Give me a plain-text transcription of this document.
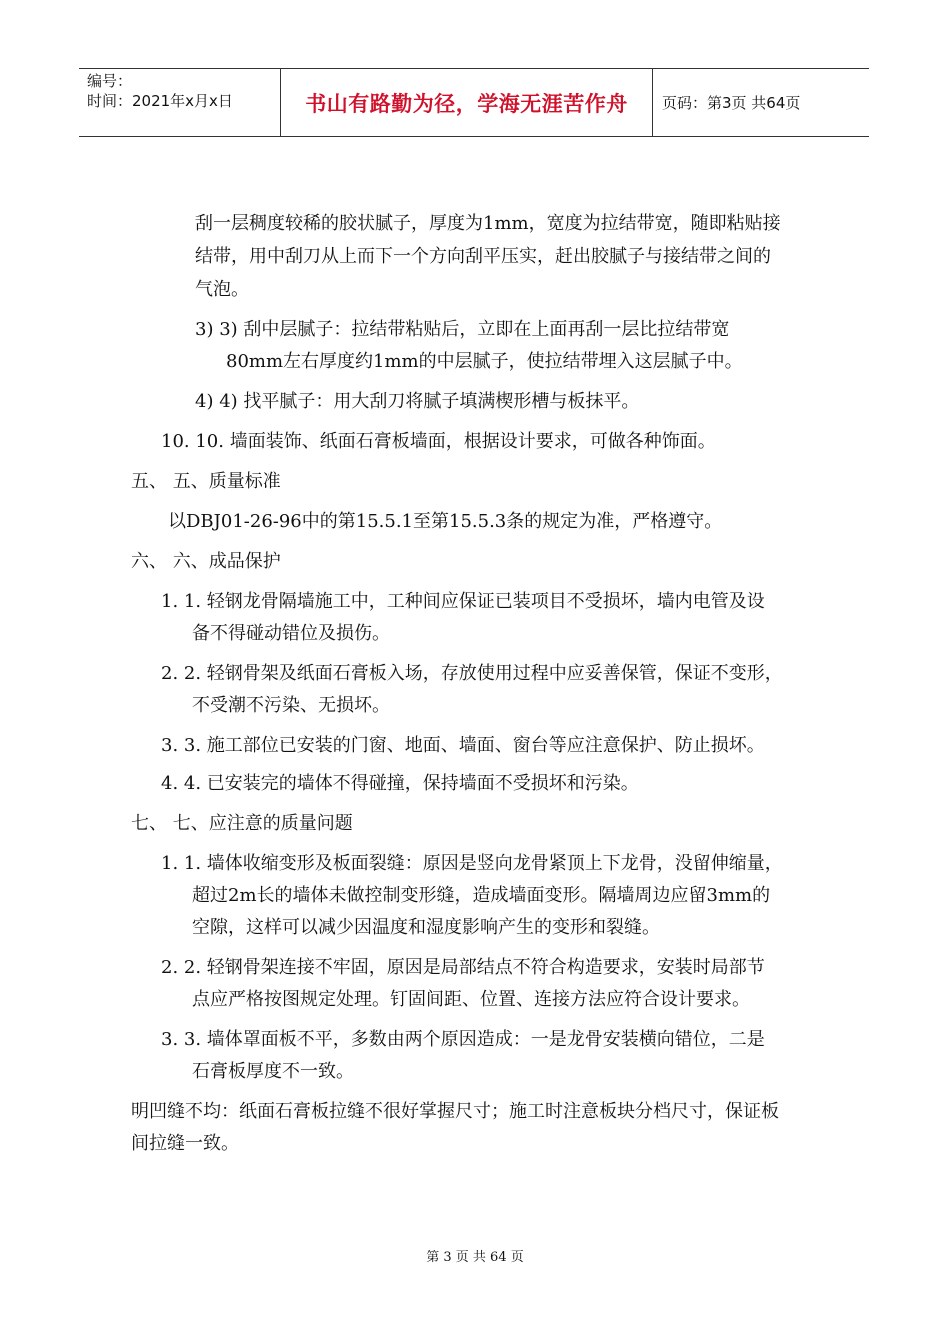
编号：
时间：2021年x月x日	书山有路勤为径，学海无涯苦作舟	页码：第3页 共64页
刮一层稠度较稀的胶状腻子，厚度为1mm，宽度为拉结带宽，随即粘贴接
结带，用中刮刀从上而下一个方向刮平压实，赶出胶腻子与接结带之间的
气泡。
3) 3) 刮中层腻子：拉结带粘贴后，立即在上面再刮一层比拉结带宽
80mm左右厚度约1mm的中层腻子，使拉结带埋入这层腻子中。
4) 4) 找平腻子：用大刮刀将腻子填满楔形槽与板抹平。
10. 10. 墙面装饰、纸面石膏板墙面，根据设计要求，可做各种饰面。
五、 五、质量标准
以DBJ01-26-96中的第15.5.1至第15.5.3条的规定为准，严格遵守。
六、 六、成品保护
1. 1. 轻钢龙骨隔墙施工中，工种间应保证已装项目不受损坏，墙内电管及设
备不得碰动错位及损伤。
2. 2. 轻钢骨架及纸面石膏板入场，存放使用过程中应妥善保管，保证不变形，
不受潮不污染、无损坏。
3. 3. 施工部位已安装的门窗、地面、墙面、窗台等应注意保护、防止损坏。
4. 4. 已安装完的墙体不得碰撞，保持墙面不受损坏和污染。
七、 七、应注意的质量问题
1. 1. 墙体收缩变形及板面裂缝：原因是竖向龙骨紧顶上下龙骨，没留伸缩量，
超过2m长的墙体未做控制变形缝，造成墙面变形。隔墙周边应留3mm的
空隙，这样可以减少因温度和湿度影响产生的变形和裂缝。
2. 2. 轻钢骨架连接不牢固，原因是局部结点不符合构造要求，安装时局部节
点应严格按图规定处理。钉固间距、位置、连接方法应符合设计要求。
3. 3. 墙体罩面板不平，多数由两个原因造成：一是龙骨安装横向错位，二是
石膏板厚度不一致。
明凹缝不均：纸面石膏板拉缝不很好掌握尺寸；施工时注意板块分档尺寸，保证板
间拉缝一致。
第 3 页 共 64 页
